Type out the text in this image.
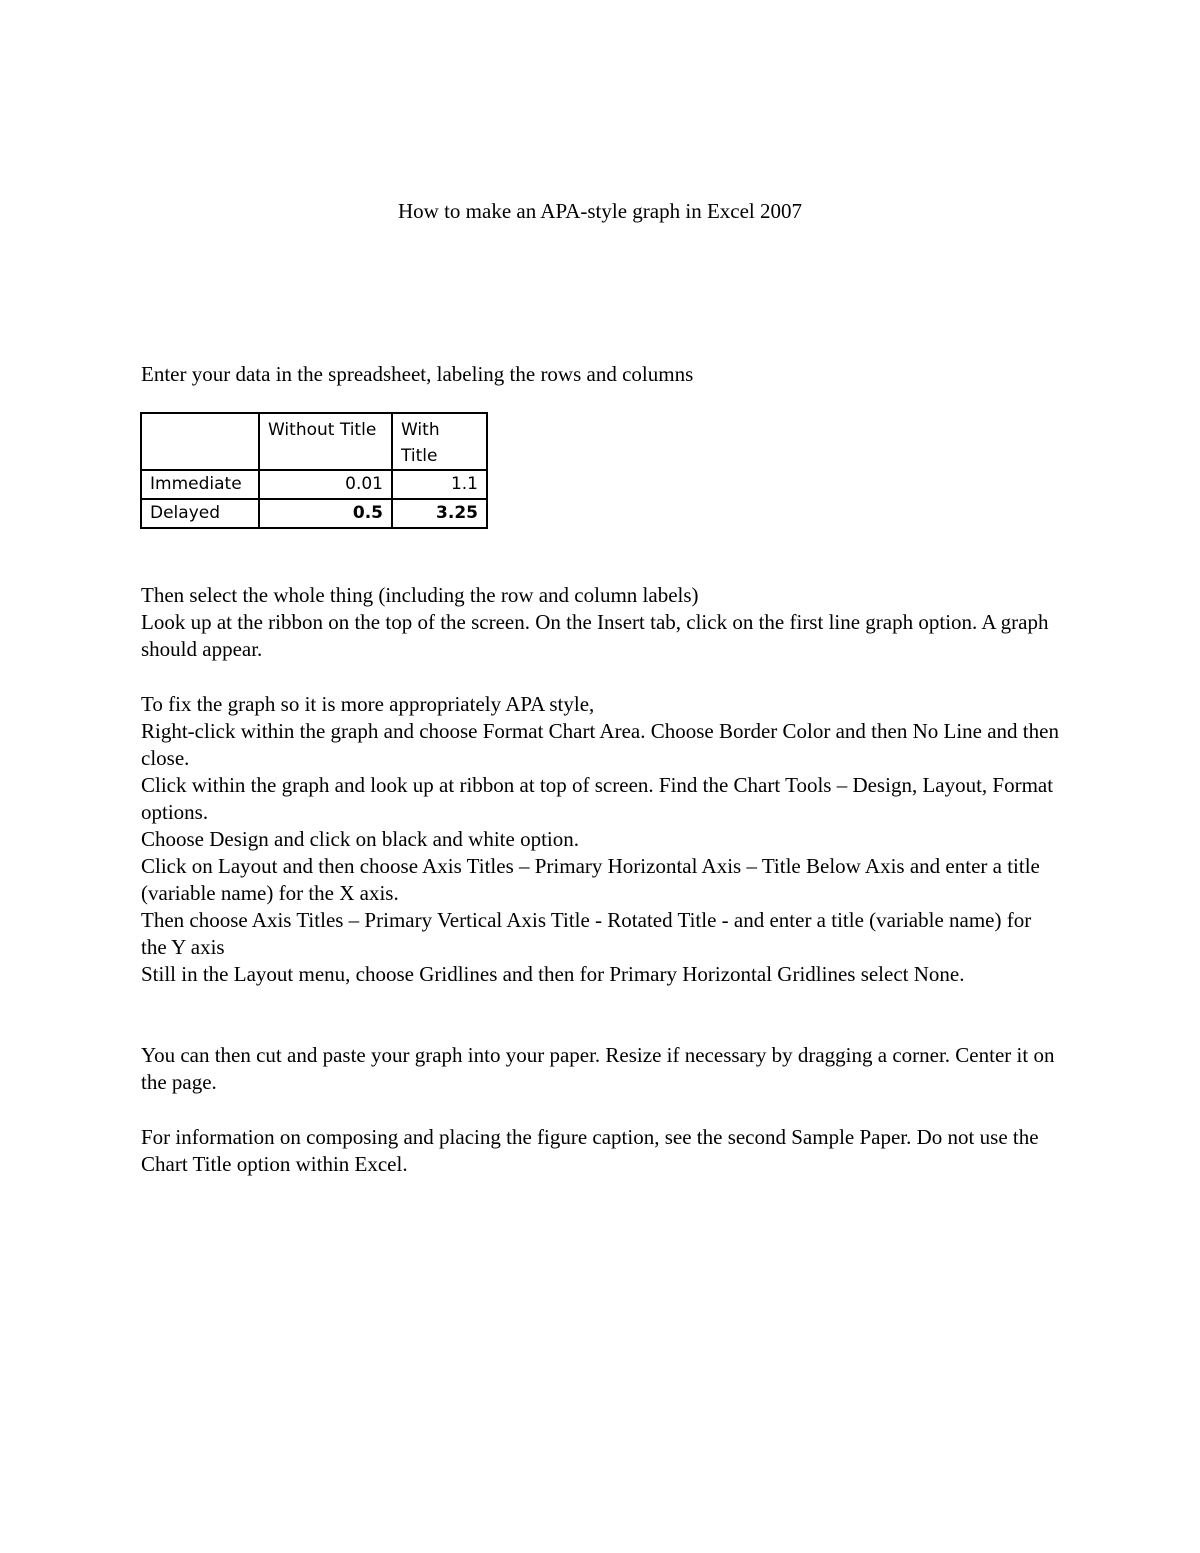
How to make an APA-style graph in Excel 2007
Enter your data in the spreadsheet, labeling the rows and columns
	Without Title	With Title
Immediate	0.01	1.1
Delayed	0.5	3.25
Then select the whole thing (including the row and column labels)
Look up at the ribbon on the top of the screen. On the Insert tab, click on the first line graph option. A graph should appear.
To fix the graph so it is more appropriately APA style,
Right-click within the graph and choose Format Chart Area. Choose Border Color and then No Line and then close.
Click within the graph and look up at ribbon at top of screen. Find the Chart Tools – Design, Layout, Format options.
Choose Design and click on black and white option.
Click on Layout and then choose Axis Titles – Primary Horizontal Axis – Title Below Axis and enter a title (variable name) for the X axis.
Then choose Axis Titles – Primary Vertical Axis Title - Rotated Title - and enter a title (variable name) for the Y axis
Still in the Layout menu, choose Gridlines and then for Primary Horizontal Gridlines select None.
You can then cut and paste your graph into your paper. Resize if necessary by dragging a corner. Center it on the page.
For information on composing and placing the figure caption, see the second Sample Paper. Do not use the Chart Title option within Excel.
